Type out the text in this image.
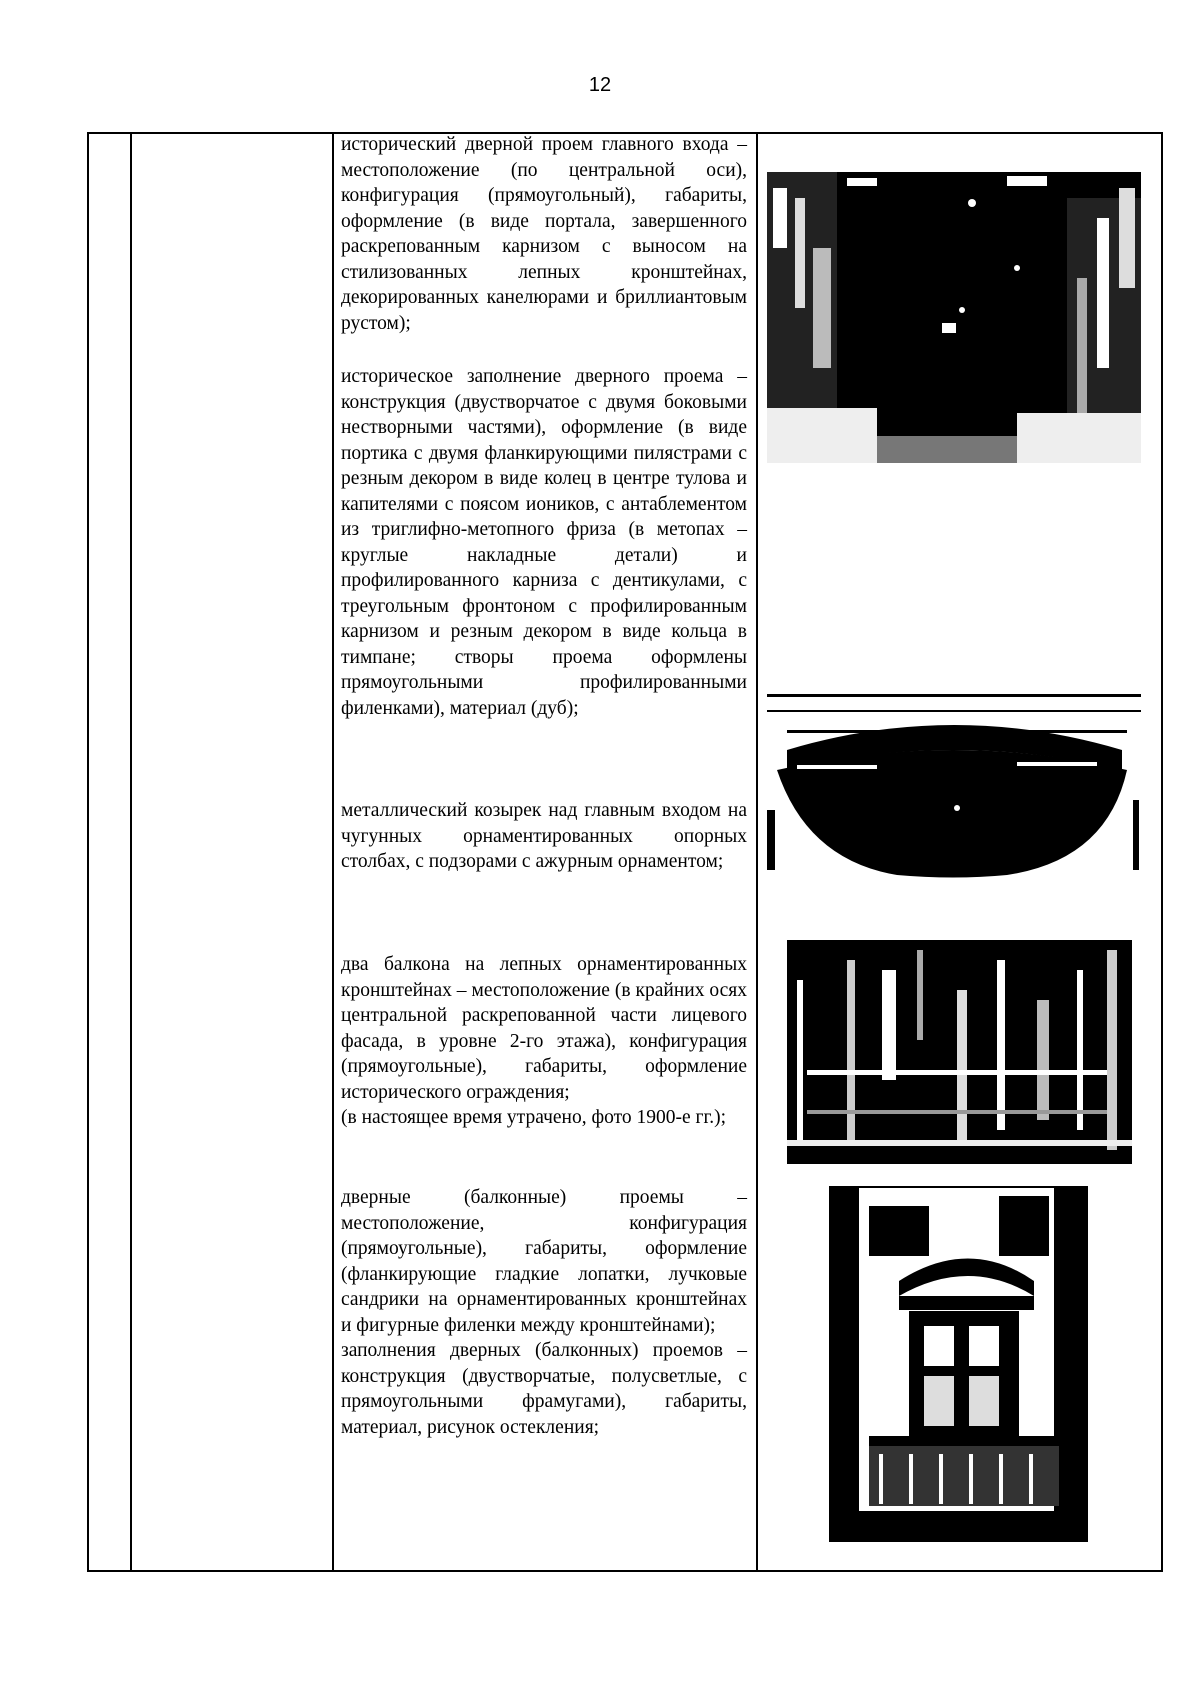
12

исторический дверной проем главного входа – местоположение (по центральной оси), конфигурация (прямоугольный), габариты, оформление (в виде портала, завершенного раскрепованным карнизом с выносом на стилизованных лепных кронштейнах, декорированных канелюрами и бриллиантовым рустом);

историческое заполнение дверного проема – конструкция (двустворчатое с двумя боковыми нестворными частями), оформление (в виде портика с двумя фланкирующими пилястрами с резным декором в виде колец в центре тулова и капителями с поясом иоников, с антаблементом из триглифно-метопного фриза (в метопах – круглые накладные детали) и профилированного карниза с дентикулами, с треугольным фронтоном с профилированным карнизом и резным декором в виде кольца в тимпане; створы проема оформлены прямоугольными профилированными филенками), материал (дуб);

металлический козырек над главным входом на чугунных орнаментированных опорных столбах, с подзорами с ажурным орнаментом;

два балкона на лепных орнаментированных кронштейнах – местоположение (в крайних осях центральной раскрепованной части лицевого фасада, в уровне 2-го этажа), конфигурация (прямоугольные), габариты, оформление исторического ограждения;

(в настоящее время утрачено, фото 1900-е гг.);

дверные (балконные) проемы – местоположение, конфигурация (прямоугольные), габариты, оформление (фланкирующие гладкие лопатки, лучковые сандрики на орнаментированных кронштейнах и фигурные филенки между кронштейнами);

заполнения дверных (балконных) проемов – конструкция (двустворчатые, полусветлые, с прямоугольными фрамугами), габариты, материал, рисунок остекления;
